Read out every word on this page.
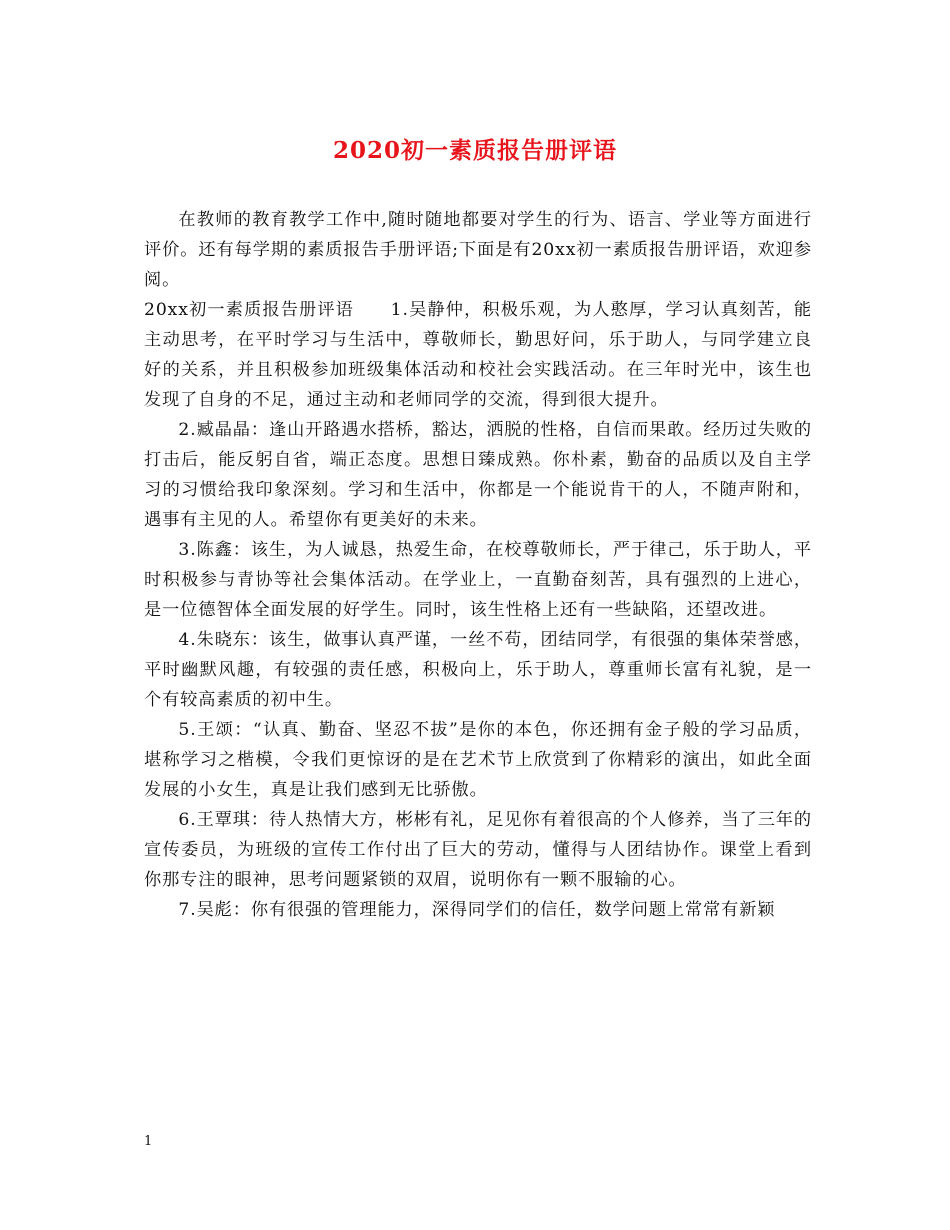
2020初一素质报告册评语

在教师的教育教学工作中,随时随地都要对学生的行为、语言、学业等方面进行评价。还有每学期的素质报告手册评语;下面是有20xx初一素质报告册评语，欢迎参阅。

20xx初一素质报告册评语　　1.吴静仲，积极乐观，为人憨厚，学习认真刻苦，能主动思考，在平时学习与生活中，尊敬师长，勤思好问，乐于助人，与同学建立良好的关系，并且积极参加班级集体活动和校社会实践活动。在三年时光中，该生也发现了自身的不足，通过主动和老师同学的交流，得到很大提升。

2.臧晶晶：逢山开路遇水搭桥，豁达，洒脱的性格，自信而果敢。经历过失败的打击后，能反躬自省，端正态度。思想日臻成熟。你朴素，勤奋的品质以及自主学习的习惯给我印象深刻。学习和生活中，你都是一个能说肯干的人，不随声附和，遇事有主见的人。希望你有更美好的未来。

3.陈鑫：该生，为人诚恳，热爱生命，在校尊敬师长，严于律己，乐于助人，平时积极参与青协等社会集体活动。在学业上，一直勤奋刻苦，具有强烈的上进心，是一位德智体全面发展的好学生。同时，该生性格上还有一些缺陷，还望改进。

4.朱晓东：该生，做事认真严谨，一丝不苟，团结同学，有很强的集体荣誉感，平时幽默风趣，有较强的责任感，积极向上，乐于助人，尊重师长富有礼貌，是一个有较高素质的初中生。

5.王颂：“认真、勤奋、坚忍不拔”是你的本色，你还拥有金子般的学习品质，堪称学习之楷模，令我们更惊讶的是在艺术节上欣赏到了你精彩的演出，如此全面发展的小女生，真是让我们感到无比骄傲。

6.王覃琪：待人热情大方，彬彬有礼，足见你有着很高的个人修养，当了三年的宣传委员，为班级的宣传工作付出了巨大的劳动，懂得与人团结协作。课堂上看到你那专注的眼神，思考问题紧锁的双眉，说明你有一颗不服输的心。

7.吴彪：你有很强的管理能力，深得同学们的信任，数学问题上常常有新颖

1
